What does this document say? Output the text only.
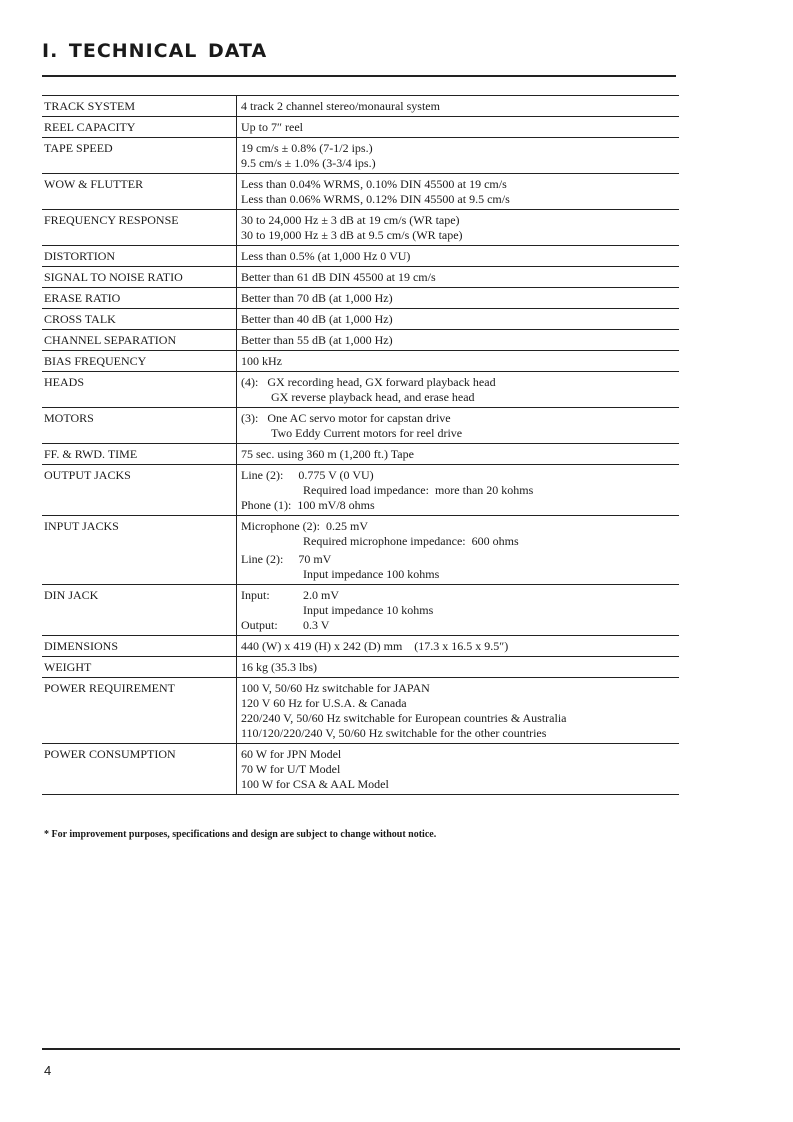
I. TECHNICAL DATA
TRACK SYSTEM	4 track 2 channel stereo/monaural system
REEL CAPACITY	Up to 7″ reel
TAPE SPEED	19 cm/s ± 0.8% (7-1/2 ips.)
9.5 cm/s ± 1.0% (3-3/4 ips.)
WOW & FLUTTER	Less than 0.04% WRMS, 0.10% DIN 45500 at 19 cm/s
Less than 0.06% WRMS, 0.12% DIN 45500 at 9.5 cm/s
FREQUENCY RESPONSE	30 to 24,000 Hz ± 3 dB at 19 cm/s (WR tape)
30 to 19,000 Hz ± 3 dB at 9.5 cm/s (WR tape)
DISTORTION	Less than 0.5% (at 1,000 Hz 0 VU)
SIGNAL TO NOISE RATIO	Better than 61 dB DIN 45500 at 19 cm/s
ERASE RATIO	Better than 70 dB (at 1,000 Hz)
CROSS TALK	Better than 40 dB (at 1,000 Hz)
CHANNEL SEPARATION	Better than 55 dB (at 1,000 Hz)
BIAS FREQUENCY	100 kHz
HEADS	(4):   GX recording head, GX forward playback head
GX reverse playback head, and erase head
MOTORS	(3):   One AC servo motor for capstan drive
Two Eddy Current motors for reel drive
FF. & RWD. TIME	75 sec. using 360 m (1,200 ft.) Tape
OUTPUT JACKS	Line (2):     0.775 V (0 VU)
Required load impedance:  more than 20 kohms
Phone (1):  100 mV/8 ohms
INPUT JACKS	Microphone (2):  0.25 mV
Required microphone impedance:  600 ohms
Line (2):     70 mV
Input impedance 100 kohms
DIN JACK	Input:	2.0 mV
Input impedance 10 kohms
Output: 0.3 V
DIMENSIONS	440 (W) x 419 (H) x 242 (D) mm    (17.3 x 16.5 x 9.5″)
WEIGHT	16 kg (35.3 lbs)
POWER REQUIREMENT	100 V, 50/60 Hz switchable for JAPAN
120 V 60 Hz for U.S.A. & Canada
220/240 V, 50/60 Hz switchable for European countries & Australia
110/120/220/240 V, 50/60 Hz switchable for the other countries
POWER CONSUMPTION	60 W for JPN Model
70 W for U/T Model
100 W for CSA & AAL Model
* For improvement purposes, specifications and design are subject to change without notice.
4
